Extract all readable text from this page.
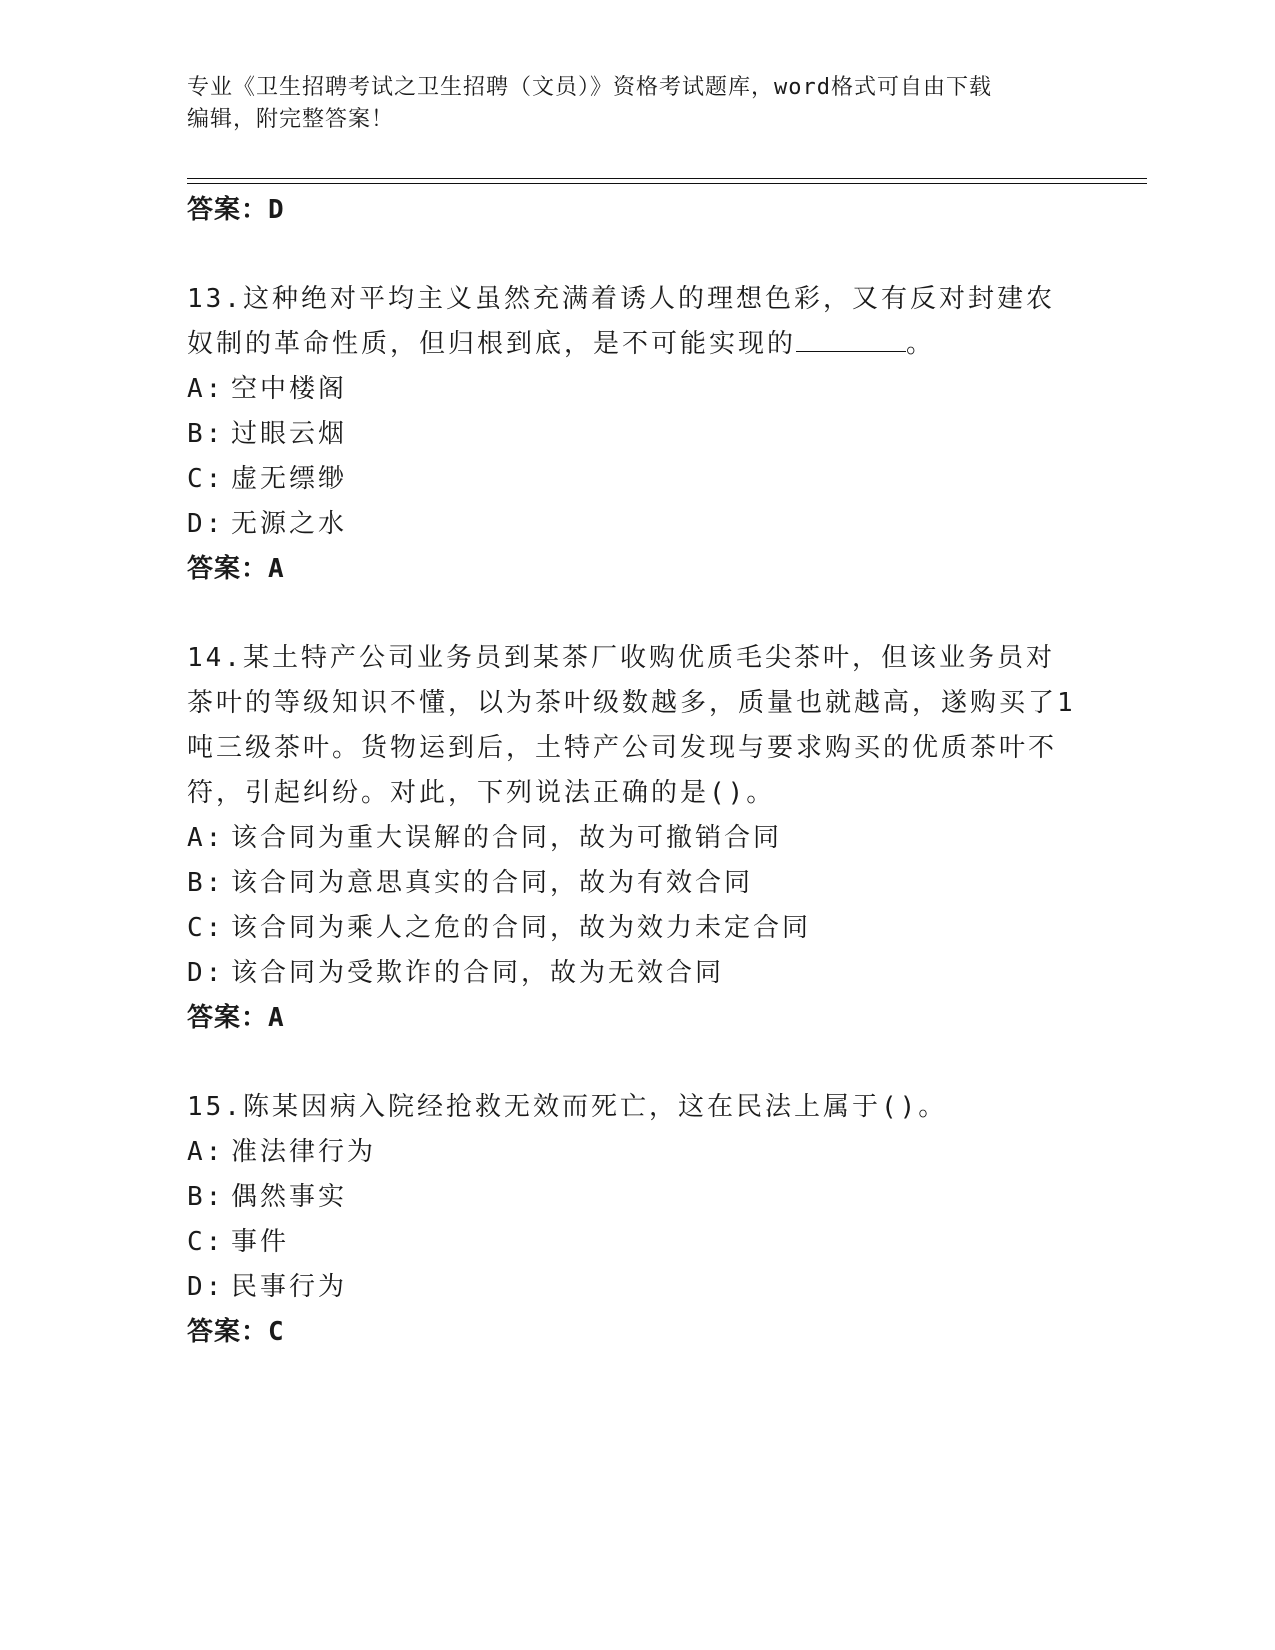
专业《卫生招聘考试之卫生招聘（文员）》资格考试题库，word格式可自由下载
编辑，附完整答案！
答案：D
13.这种绝对平均主义虽然充满着诱人的理想色彩，又有反对封建农奴制的革命性质，但归根到底，是不可能实现的	。
A: 空中楼阁
B: 过眼云烟
C: 虚无缥缈
D: 无源之水
答案：A
14.某土特产公司业务员到某茶厂收购优质毛尖茶叶，但该业务员对茶叶的等级知识不懂，以为茶叶级数越多，质量也就越高，遂购买了1吨三级茶叶。货物运到后，土特产公司发现与要求购买的优质茶叶不符，引起纠纷。对此，下列说法正确的是()。
A: 该合同为重大误解的合同，故为可撤销合同
B: 该合同为意思真实的合同，故为有效合同
C: 该合同为乘人之危的合同，故为效力未定合同
D: 该合同为受欺诈的合同，故为无效合同
答案：A
15.陈某因病入院经抢救无效而死亡，这在民法上属于()。
A: 准法律行为
B: 偶然事实
C: 事件
D: 民事行为
答案：C
